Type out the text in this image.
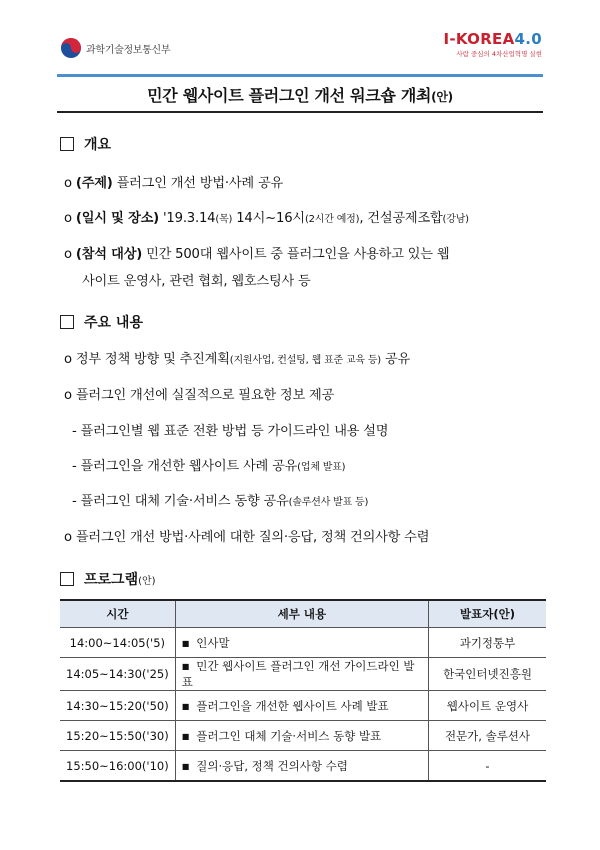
과학기술정보통신부
I-KOREA4.0
사람 중심의 4차산업혁명 실현
민간 웹사이트 플러그인 개선 워크숍 개최(안)
개요
o (주제) 플러그인 개선 방법·사례 공유
o (일시 및 장소) '19.3.14(목) 14시~16시(2시간 예정), 건설공제조합(강남)
o (참석 대상) 민간 500대 웹사이트 중 플러그인을 사용하고 있는 웹
사이트 운영사, 관련 협회, 웹호스팅사 등
주요 내용
o 정부 정책 방향 및 추진계획(지원사업, 컨설팅, 웹 표준 교육 등) 공유
o 플러그인 개선에 실질적으로 필요한 정보 제공
- 플러그인별 웹 표준 전환 방법 등 가이드라인 내용 설명
- 플러그인을 개선한 웹사이트 사례 공유(업체 발표)
- 플러그인 대체 기술·서비스 동향 공유(솔루션사 발표 등)
o 플러그인 개선 방법·사례에 대한 질의·응답, 정책 건의사항 수렴
프로그램 (안)
시간	세부 내용	발표자(안)
14:00~14:05('5)	■ 인사말	과기정통부
14:05~14:30('25)	■ 민간 웹사이트 플러그인 개선 가이드라인 발표	한국인터넷진흥원
14:30~15:20('50)	■ 플러그인을 개선한 웹사이트 사례 발표	웹사이트 운영사
15:20~15:50('30)	■ 플러그인 대체 기술·서비스 동향 발표	전문가, 솔루션사
15:50~16:00('10)	■ 질의·응답, 정책 건의사항 수렴	-
